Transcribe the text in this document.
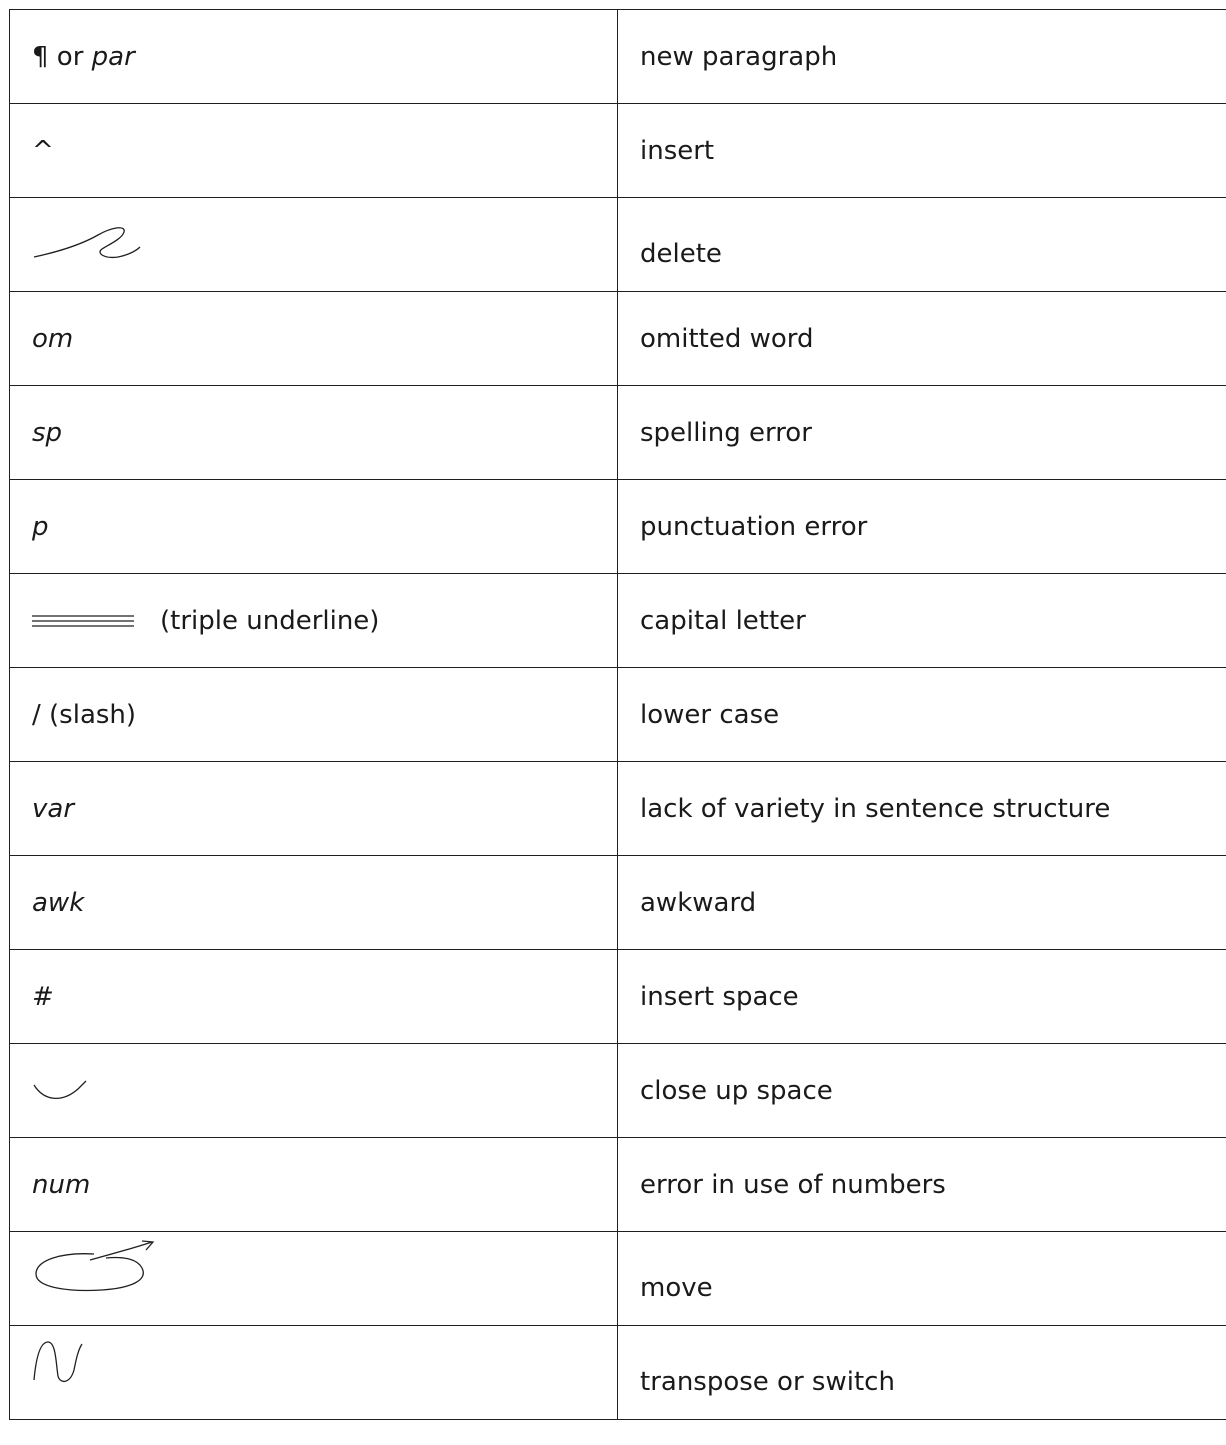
¶ or par	new paragraph
^	insert

	delete
om	omitted word
sp	spelling error
p	punctuation error
(triple underline)	capital letter
/ (slash)	lower case
var	lack of variety in sentence structure
awk	awkward
#	insert space

	close up space
num	error in use of numbers

	move

	transpose or switch
